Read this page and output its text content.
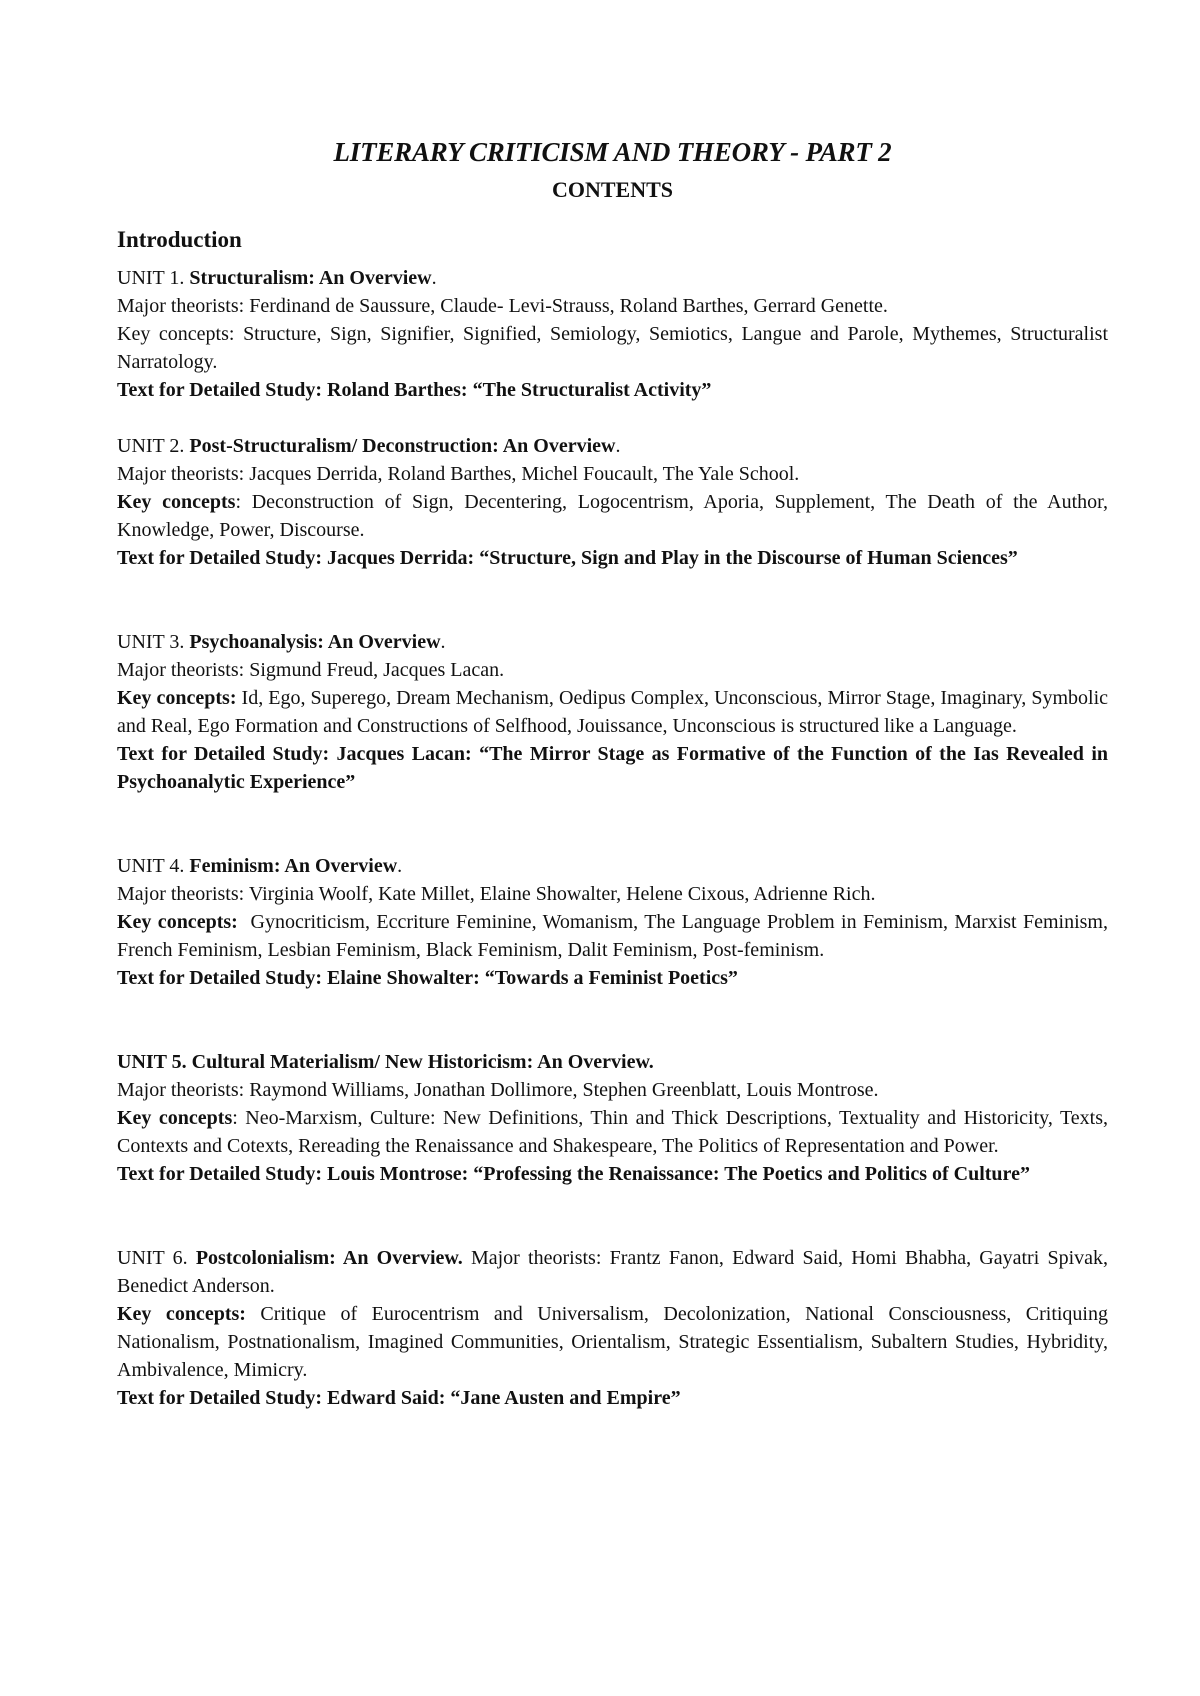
LITERARY CRITICISM AND THEORY - PART 2
CONTENTS
Introduction

UNIT 1. Structuralism: An Overview.

Major theorists: Ferdinand de Saussure, Claude- Levi-Strauss, Roland Barthes, Gerrard Genette.

Key concepts: Structure, Sign, Signifier, Signified, Semiology, Semiotics, Langue and Parole, Mythemes, Structuralist Narratology.

Text for Detailed Study: Roland Barthes: “The Structuralist Activity”

UNIT 2. Post-Structuralism/ Deconstruction: An Overview.

Major theorists: Jacques Derrida, Roland Barthes, Michel Foucault, The Yale School.

Key concepts: Deconstruction of Sign, Decentering, Logocentrism, Aporia, Supplement, The Death of the Author, Knowledge, Power, Discourse.

Text for Detailed Study: Jacques Derrida: “Structure, Sign and Play in the Discourse of Human Sciences”

UNIT 3. Psychoanalysis: An Overview.

Major theorists: Sigmund Freud, Jacques Lacan.

Key concepts: Id, Ego, Superego, Dream Mechanism, Oedipus Complex, Unconscious, Mirror Stage, Imaginary, Symbolic and Real, Ego Formation and Constructions of Selfhood, Jouissance, Unconscious is structured like a Language.

Text for Detailed Study: Jacques Lacan: “The Mirror Stage as Formative of the Function of the Ias Revealed in Psychoanalytic Experience”

UNIT 4. Feminism: An Overview.

Major theorists: Virginia Woolf, Kate Millet, Elaine Showalter, Helene Cixous, Adrienne Rich.

Key concepts:  Gynocriticism, Eccriture Feminine, Womanism, The Language Problem in Feminism, Marxist Feminism, French Feminism, Lesbian Feminism, Black Feminism, Dalit Feminism, Post-feminism.

Text for Detailed Study: Elaine Showalter: “Towards a Feminist Poetics”

UNIT 5. Cultural Materialism/ New Historicism: An Overview.

Major theorists: Raymond Williams, Jonathan Dollimore, Stephen Greenblatt, Louis Montrose.

Key concepts: Neo-Marxism, Culture: New Definitions, Thin and Thick Descriptions, Textuality and Historicity, Texts, Contexts and Cotexts, Rereading the Renaissance and Shakespeare, The Politics of Representation and Power.

Text for Detailed Study: Louis Montrose: “Professing the Renaissance: The Poetics and Politics of Culture”

UNIT 6. Postcolonialism: An Overview. Major theorists: Frantz Fanon, Edward Said, Homi Bhabha, Gayatri Spivak, Benedict Anderson.

Key concepts: Critique of Eurocentrism and Universalism, Decolonization, National Consciousness, Critiquing Nationalism, Postnationalism, Imagined Communities, Orientalism, Strategic Essentialism, Subaltern Studies, Hybridity, Ambivalence, Mimicry.

Text for Detailed Study: Edward Said: “Jane Austen and Empire”
